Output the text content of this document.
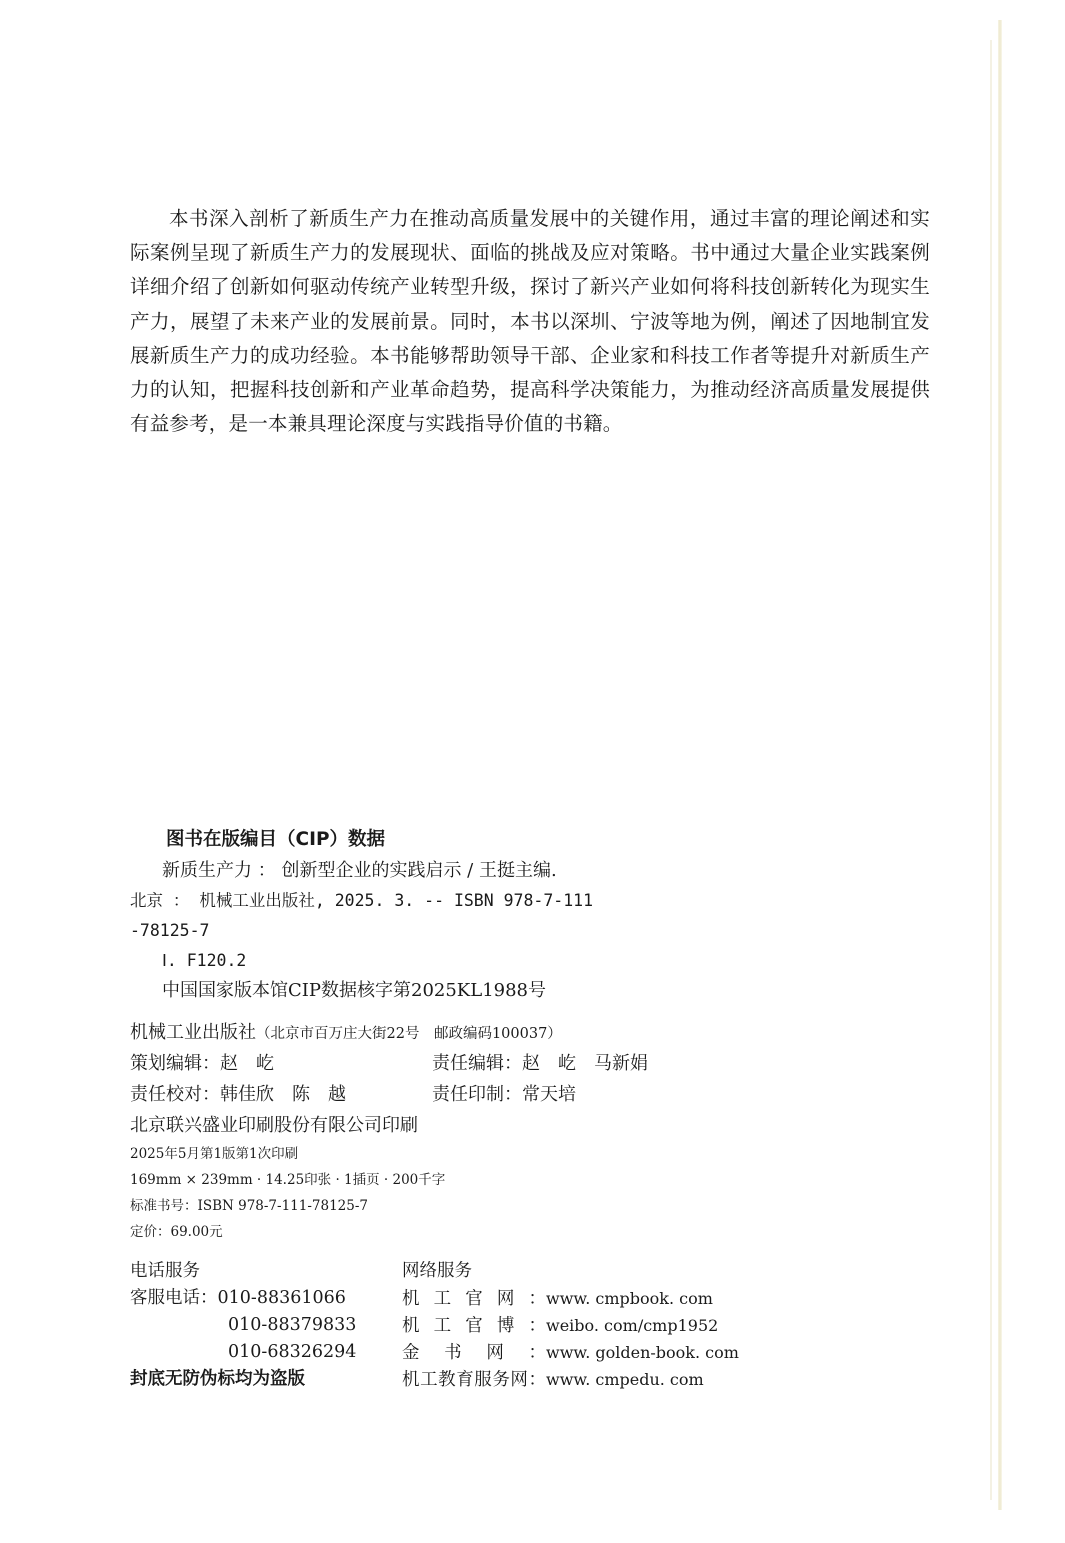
本书深入剖析了新质生产力在推动高质量发展中的关键作用，通过丰富的理论阐述和实际案例呈现了新质生产力的发展现状、面临的挑战及应对策略。书中通过大量企业实践案例详细介绍了创新如何驱动传统产业转型升级，探讨了新兴产业如何将科技创新转化为现实生产力，展望了未来产业的发展前景。同时，本书以深圳、宁波等地为例，阐述了因地制宜发展新质生产力的成功经验。本书能够帮助领导干部、企业家和科技工作者等提升对新质生产力的认知，把握科技创新和产业革命趋势，提高科学决策能力，为推动经济高质量发展提供有益参考，是一本兼具理论深度与实践指导价值的书籍。

图书在版编目（CIP）数据
新质生产力 ： 创新型企业的实践启示 / 王挺主编.
北京 ： 机械工业出版社, 2025. 3. -- ISBN 978-7-111
-78125-7
Ⅰ. F120.2
中国国家版本馆CIP数据核字第2025KL1988号
机械工业出版社（北京市百万庄大街22号　邮政编码100037）
策划编辑：赵　屹	责任编辑：赵　屹　马新娟
责任校对：韩佳欣　陈　越	责任印制：常天培
北京联兴盛业印刷股份有限公司印刷
2025年5月第1版第1次印刷
169mm × 239mm · 14.25印张 · 1插页 · 200千字
标准书号：ISBN 978-7-111-78125-7
定价：69.00元
电话服务
客服电话：010-88361066
010-88379833
010-68326294
封底无防伪标均为盗版
网络服务
机工官网：www. cmpbook. com
机工官博：weibo. com/cmp1952
金书网：www. golden-book. com
机工教育服务网：www. cmpedu. com
